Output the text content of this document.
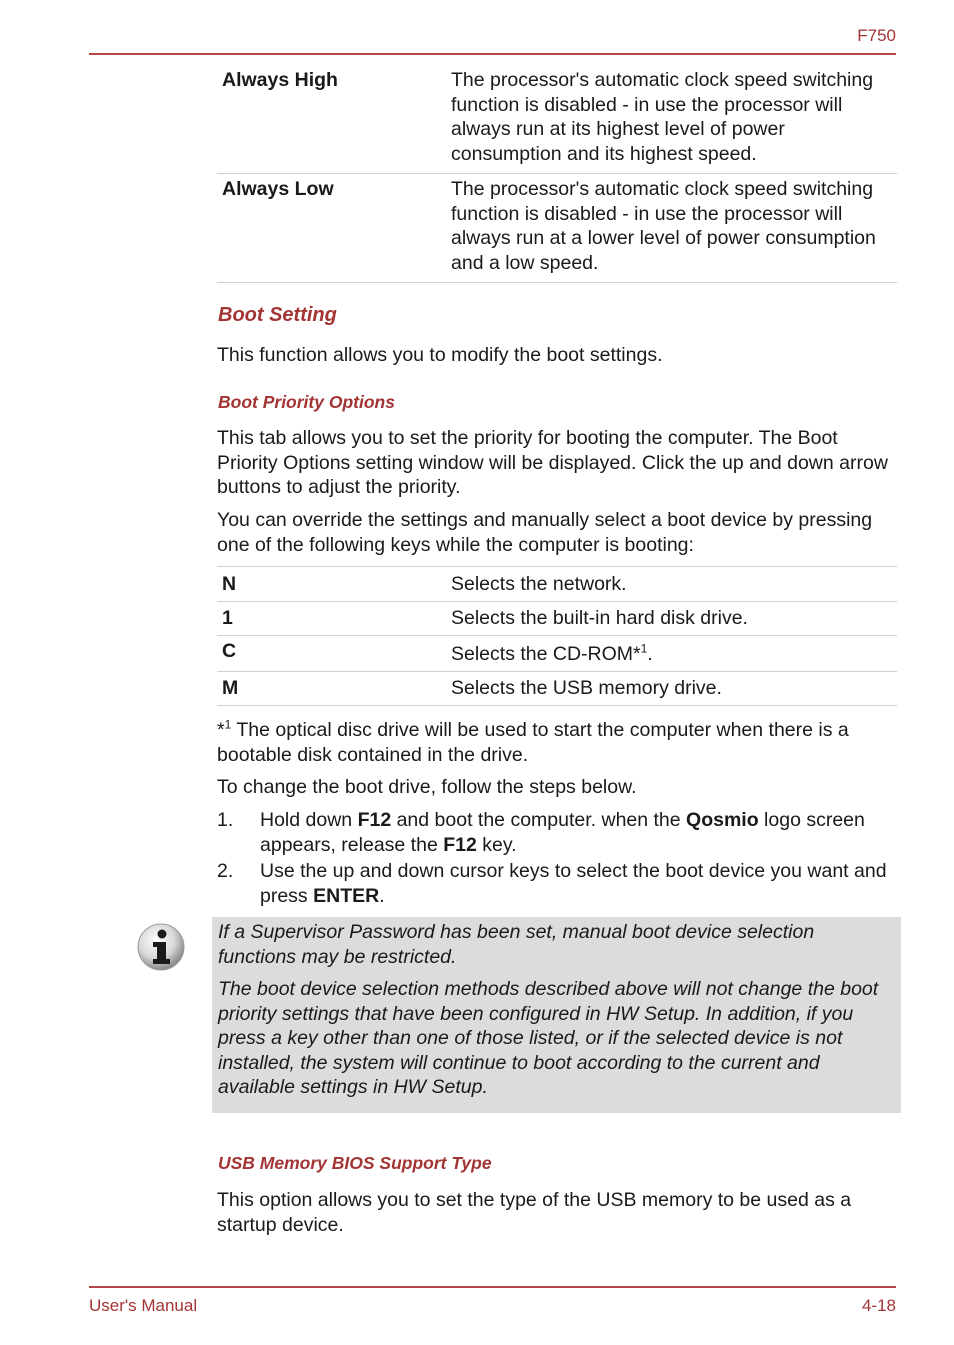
F750
Always High	The processor's automatic clock speed switching function is disabled - in use the processor will always run at its highest level of power consumption and its highest speed.
Always Low	The processor's automatic clock speed switching function is disabled - in use the processor will always run at a lower level of power consumption and a low speed.
Boot Setting
This function allows you to modify the boot settings.
Boot Priority Options
This tab allows you to set the priority for booting the computer. The Boot Priority Options setting window will be displayed. Click the up and down arrow buttons to adjust the priority.
You can override the settings and manually select a boot device by pressing one of the following keys while the computer is booting:
N	Selects the network.
1	Selects the built-in hard disk drive.
C	Selects the CD-ROM*$^1$.
M	Selects the USB memory drive.
*$^1$ The optical disc drive will be used to start the computer when there is a bootable disk contained in the drive.
To change the boot drive, follow the steps below.
1. Hold down F12 and boot the computer. when the Qosmio logo screen appears, release the F12 key.
2. Use the up and down cursor keys to select the boot device you want and press ENTER.
If a Supervisor Password has been set, manual boot device selection functions may be restricted.
The boot device selection methods described above will not change the boot priority settings that have been configured in HW Setup. In addition, if you press a key other than one of those listed, or if the selected device is not installed, the system will continue to boot according to the current and available settings in HW Setup.
USB Memory BIOS Support Type
This option allows you to set the type of the USB memory to be used as a startup device.
User's Manual	4-18
